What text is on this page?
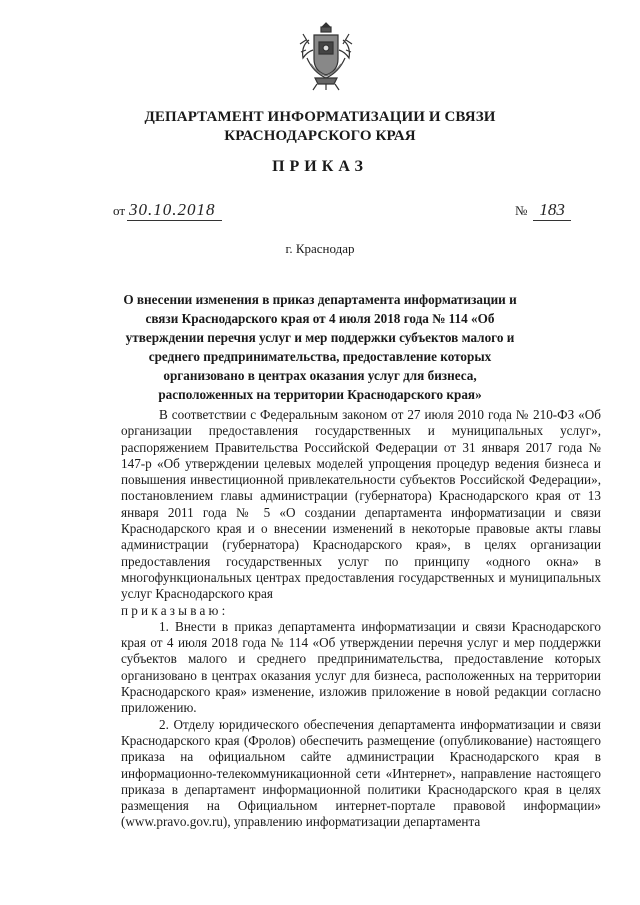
ДЕПАРТАМЕНТ ИНФОРМАТИЗАЦИИ И СВЯЗИ
КРАСНОДАРСКОГО КРАЯ
ПРИКАЗ
от 30.10.2018	№ 183
г. Краснодар
О внесении изменения в приказ департамента информатизации и связи Краснодарского края от 4 июля 2018 года № 114 «Об утверждении перечня услуг и мер поддержки субъектов малого и среднего предпринимательства, предоставление которых организовано в центрах оказания услуг для бизнеса, расположенных на территории Краснодарского края»

В соответствии с Федеральным законом от 27 июля 2010 года № 210-ФЗ «Об организации предоставления государственных и муниципальных услуг», распоряжением Правительства Российской Федерации от 31 января 2017 года № 147-р «Об утверждении целевых моделей упрощения процедур ведения бизнеса и повышения инвестиционной привлекательности субъектов Российской Федерации», постановлением главы администрации (губернатора) Краснодарского края от 13 января 2011 года № 5 «О создании департамента информатизации и связи Краснодарского края и о внесении изменений в некоторые правовые акты главы администрации (губернатора) Краснодарского края», в целях организации предоставления государственных услуг по принципу «одного окна» в многофункциональных центрах предоставления государственных и муниципальных услуг Краснодарского края

приказываю:

1. Внести в приказ департамента информатизации и связи Краснодарского края от 4 июля 2018 года № 114 «Об утверждении перечня услуг и мер поддержки субъектов малого и среднего предпринимательства, предоставление которых организовано в центрах оказания услуг для бизнеса, расположенных на территории Краснодарского края» изменение, изложив приложение в новой редакции согласно приложению.

2. Отделу юридического обеспечения департамента информатизации и связи Краснодарского края (Фролов) обеспечить размещение (опубликование) настоящего приказа на официальном сайте администрации Краснодарского края в информационно-телекоммуникационной сети «Интернет», направление настоящего приказа в департамент информационной политики Краснодарского края в целях размещения на Официальном интернет-портале правовой информации» (www.pravo.gov.ru), управлению информатизации департамента
